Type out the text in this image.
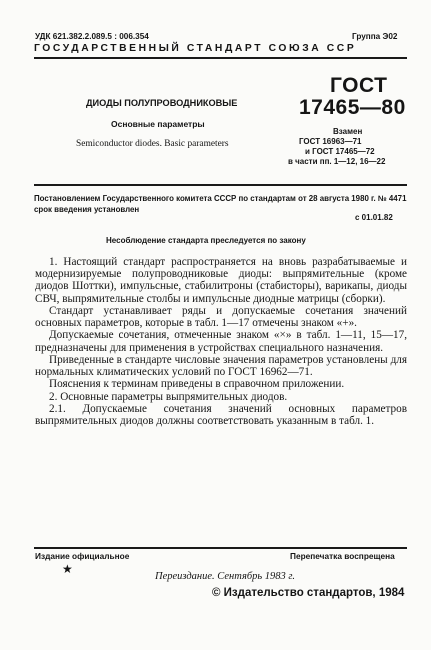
УДК 621.382.2.089.5 : 006.354	Группа Э02
ГОСУДАРСТВЕННЫЙ СТАНДАРТ СОЮЗА ССР
ДИОДЫ ПОЛУПРОВОДНИКОВЫЕ
Основные параметры
Semiconductor diodes. Basic parameters
ГОСТ
17465—80
Взамен
ГОСТ 16963—71
и ГОСТ 17465—72
в части пп. 1—12, 16—22
Постановлением Государственного комитета СССР по стандартам от 28 августа 1980 г. № 4471 срок введения установлен
с 01.01.82
Несоблюдение стандарта преследуется по закону

1. Настоящий стандарт распространяется на вновь разрабатываемые и модернизируемые полупроводниковые диоды: выпрямительные (кроме диодов Шоттки), импульсные, стабилитроны (стабисторы), варикапы, диоды СВЧ, выпрямительные столбы и импульсные диодные матрицы (сборки).

Стандарт устанавливает ряды и допускаемые сочетания значений основных параметров, которые в табл. 1—17 отмечены знаком «+».

Допускаемые сочетания, отмеченные знаком «×» в табл. 1—11, 15—17, предназначены для применения в устройствах специального назначения.

Приведенные в стандарте числовые значения параметров установлены для нормальных климатических условий по ГОСТ 16962—71.

Пояснения к терминам приведены в справочном приложении.

2. Основные параметры выпрямительных диодов.

2.1. Допускаемые сочетания значений основных параметров выпрямительных диодов должны соответствовать указанным в табл. 1.

Издание официальное	Перепечатка воспрещена
★
Переиздание. Сентябрь 1983 г.
© Издательство стандартов, 1984
